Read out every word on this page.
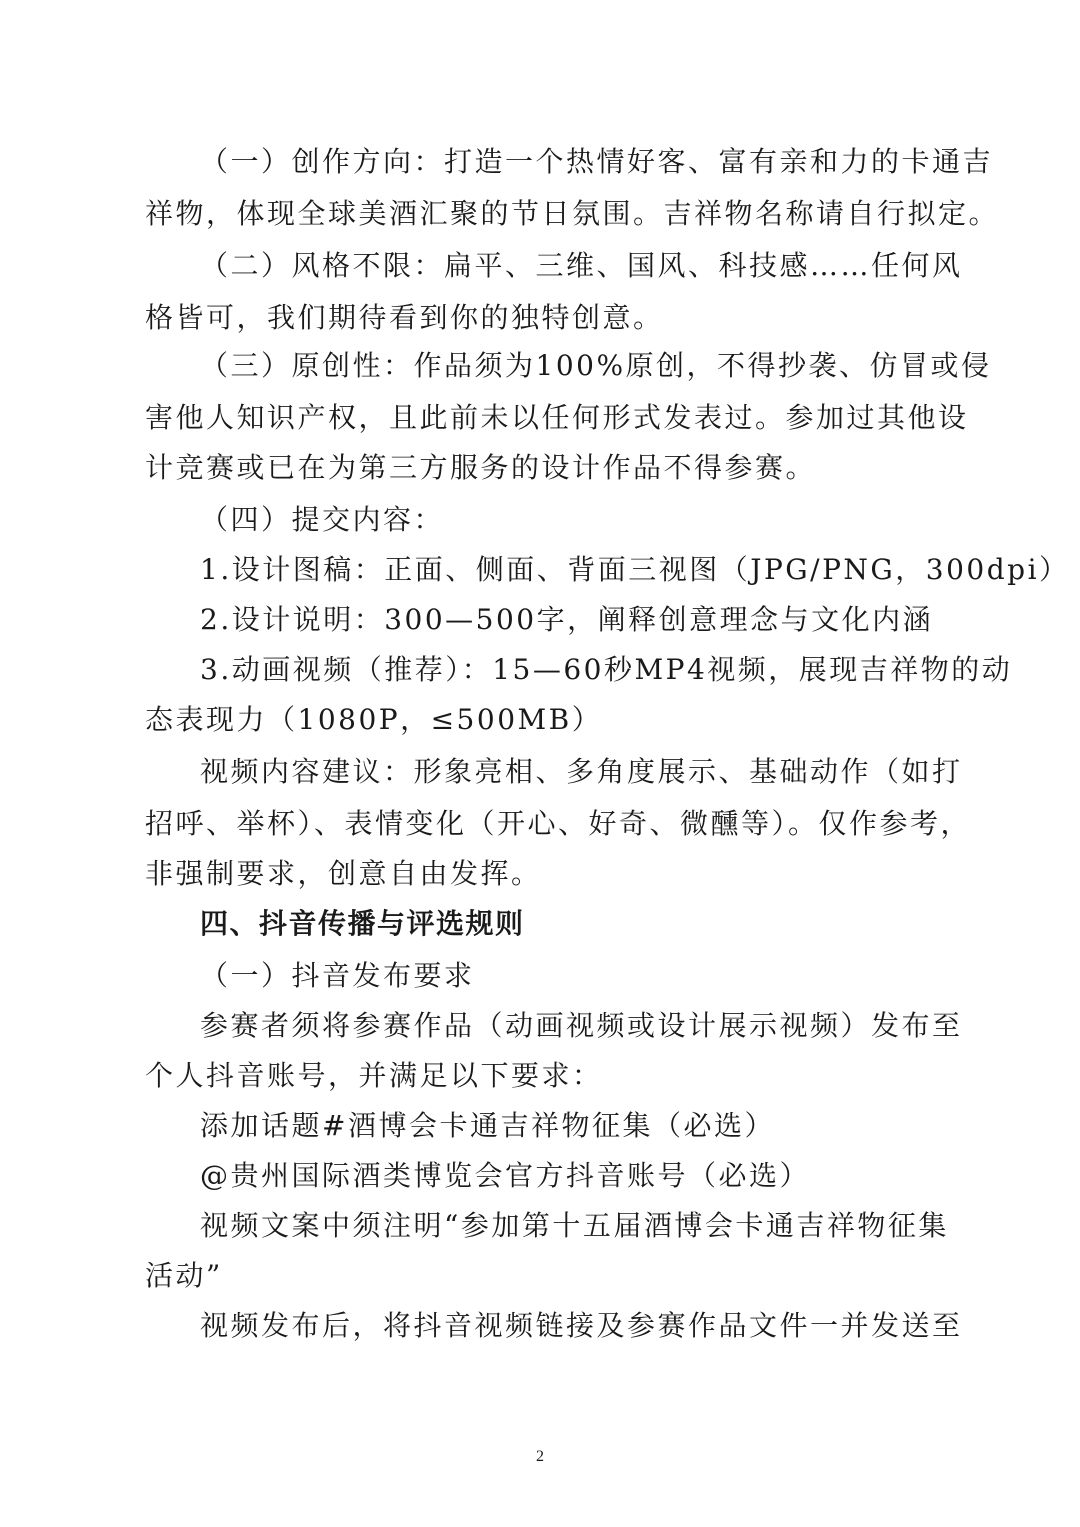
（一）创作方向：打造一个热情好客、富有亲和力的卡通吉

祥物，体现全球美酒汇聚的节日氛围。吉祥物名称请自行拟定。

（二）风格不限：扁平、三维、国风、科技感……任何风

格皆可，我们期待看到你的独特创意。

（三）原创性：作品须为100%原创，不得抄袭、仿冒或侵

害他人知识产权，且此前未以任何形式发表过。参加过其他设

计竞赛或已在为第三方服务的设计作品不得参赛。

（四）提交内容：

1.设计图稿：正面、侧面、背面三视图（JPG/PNG，300dpi）

2.设计说明：300—500字，阐释创意理念与文化内涵

3.动画视频（推荐）：15—60秒MP4视频，展现吉祥物的动

态表现力（1080P，≤500MB）

视频内容建议：形象亮相、多角度展示、基础动作（如打

招呼、举杯）、表情变化（开心、好奇、微醺等）。仅作参考，

非强制要求，创意自由发挥。

四、抖音传播与评选规则

（一）抖音发布要求

参赛者须将参赛作品（动画视频或设计展示视频）发布至

个人抖音账号，并满足以下要求：

添加话题#酒博会卡通吉祥物征集（必选）

@贵州国际酒类博览会官方抖音账号（必选）

视频文案中须注明“参加第十五届酒博会卡通吉祥物征集

活动”

视频发布后，将抖音视频链接及参赛作品文件一并发送至

2
